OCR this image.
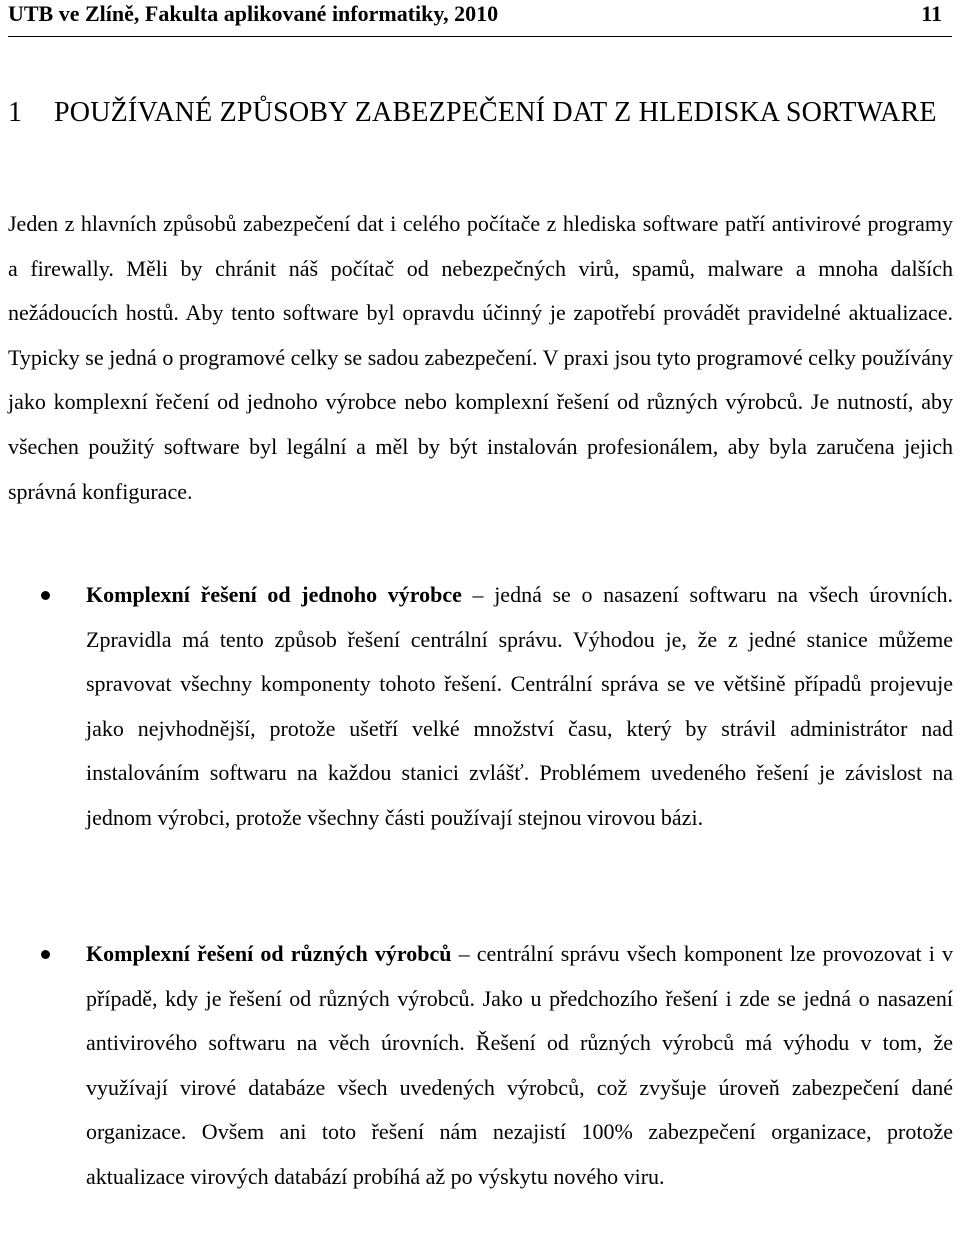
UTB ve Zlíně, Fakulta aplikované informatiky, 2010	11
1 POUŽÍVANÉ ZPŮSOBY ZABEZPEČENÍ DAT Z HLEDISKA SORTWARE

Jeden z hlavních způsobů zabezpečení dat i celého počítače z hlediska software patří antivirové programy a firewally. Měli by chránit náš počítač od nebezpečných virů, spamů, malware a mnoha dalších nežádoucích hostů. Aby tento software byl opravdu účinný je zapotřebí provádět pravidelné aktualizace. Typicky se jedná o programové celky se sadou zabezpečení. V praxi jsou tyto programové celky používány jako komplexní řečení od jednoho výrobce nebo komplexní řešení od různých výrobců. Je nutností, aby všechen použitý software byl legální a měl by být instalován profesionálem, aby byla zaručena jejich správná konfigurace.

Komplexní řešení od jednoho výrobce – jedná se o nasazení softwaru na všech úrovních. Zpravidla má tento způsob řešení centrální správu. Výhodou je, že z jedné stanice můžeme spravovat všechny komponenty tohoto řešení. Centrální správa se ve většině případů projevuje jako nejvhodnější, protože ušetří velké množství času, který by strávil administrátor nad instalováním softwaru na každou stanici zvlášť. Problémem uvedeného řešení je závislost na jednom výrobci, protože všechny části používají stejnou virovou bázi.
Komplexní řešení od různých výrobců – centrální správu všech komponent lze provozovat i v případě, kdy je řešení od různých výrobců. Jako u předchozího řešení i zde se jedná o nasazení antivirového softwaru na věch úrovních. Řešení od různých výrobců má výhodu v tom, že využívají virové databáze všech uvedených výrobců, což zvyšuje úroveň zabezpečení dané organizace. Ovšem ani toto řešení nám nezajistí 100% zabezpečení organizace, protože aktualizace virových databází probíhá až po výskytu nového viru.
